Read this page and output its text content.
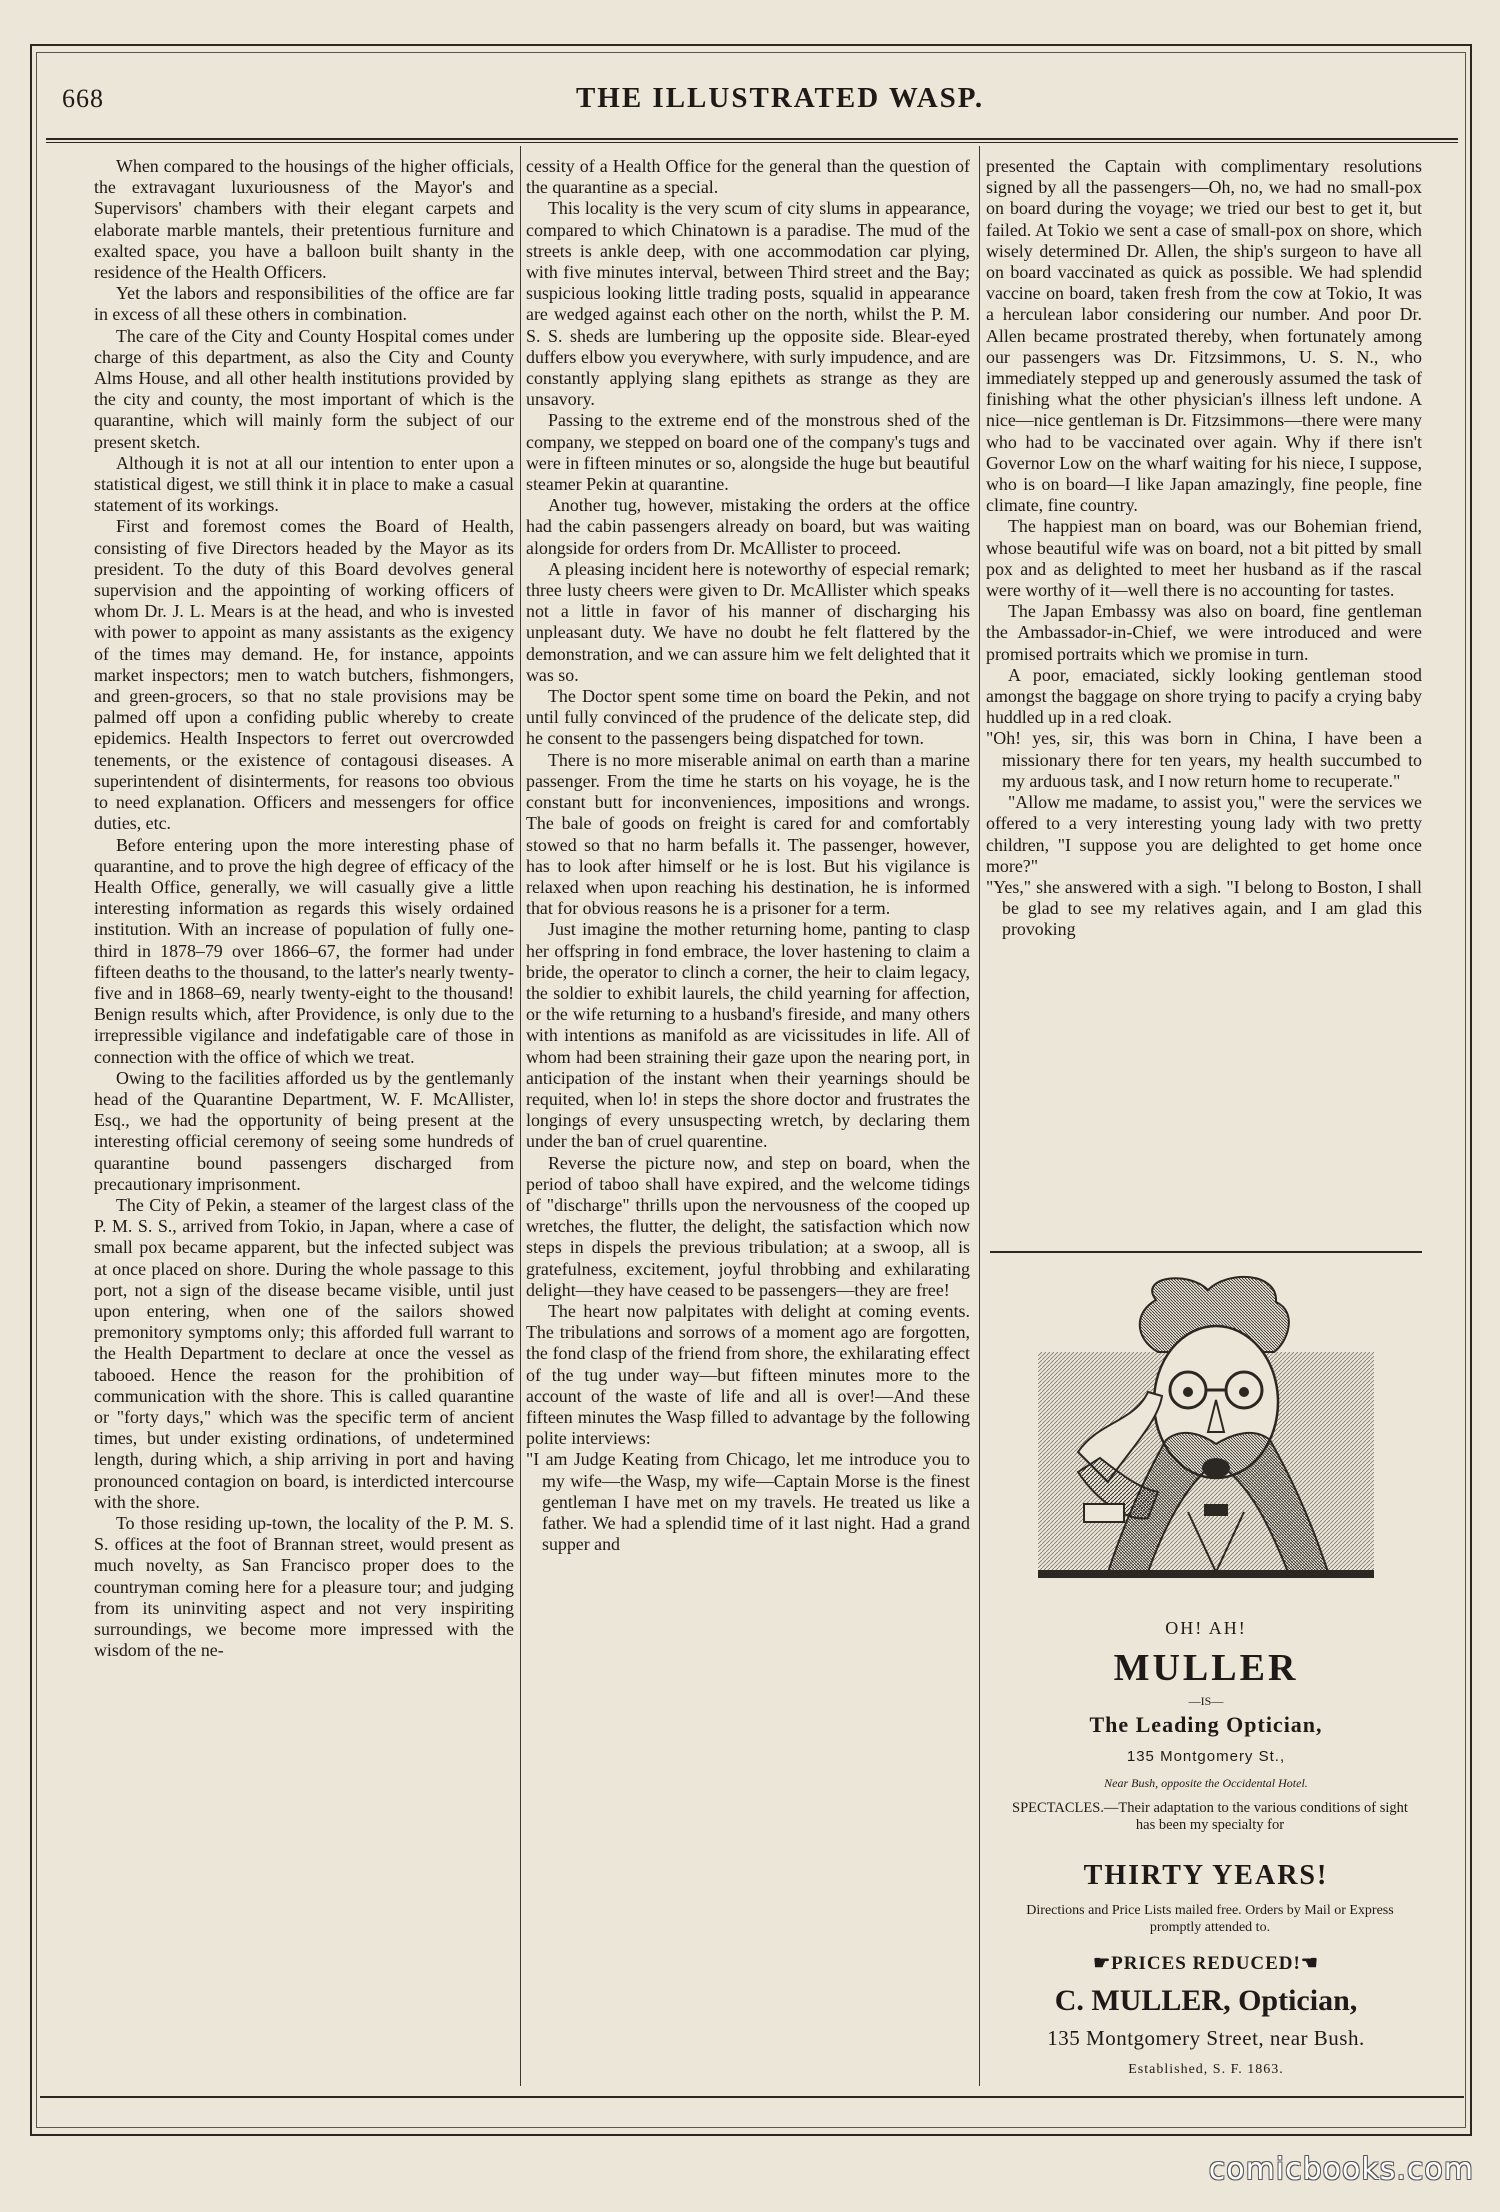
668	THE ILLUSTRATED WASP.

When compared to the housings of the higher officials, the extravagant luxuriousness of the Mayor's and Supervisors' chambers with their elegant carpets and elaborate marble mantels, their pretentious furniture and exalted space, you have a balloon built shanty in the residence of the Health Officers.

Yet the labors and responsibilities of the office are far in excess of all these others in combination.

The care of the City and County Hospital comes under charge of this department, as also the City and County Alms House, and all other health institutions provided by the city and county, the most important of which is the quarantine, which will mainly form the subject of our present sketch.

Although it is not at all our intention to enter upon a statistical digest, we still think it in place to make a casual statement of its workings.

First and foremost comes the Board of Health, consisting of five Directors headed by the Mayor as its president. To the duty of this Board devolves general supervision and the appointing of working officers of whom Dr. J. L. Mears is at the head, and who is invested with power to appoint as many assistants as the exigency of the times may demand. He, for instance, appoints market inspectors; men to watch butchers, fishmongers, and green-grocers, so that no stale provisions may be palmed off upon a confiding public whereby to create epidemics. Health Inspectors to ferret out overcrowded tenements, or the existence of contagousi diseases. A superintendent of disinterments, for reasons too obvious to need explanation. Officers and messengers for office duties, etc.

Before entering upon the more interesting phase of quarantine, and to prove the high degree of efficacy of the Health Office, generally, we will casually give a little interesting information as regards this wisely ordained institution. With an increase of population of fully one-third in 1878–79 over 1866–67, the former had under fifteen deaths to the thousand, to the latter's nearly twenty-five and in 1868–69, nearly twenty-eight to the thousand! Benign results which, after Providence, is only due to the irrepressible vigilance and indefatigable care of those in connection with the office of which we treat.

Owing to the facilities afforded us by the gentlemanly head of the Quarantine Department, W. F. McAllister, Esq., we had the opportunity of being present at the interesting official ceremony of seeing some hundreds of quarantine bound passengers discharged from precautionary imprisonment.

The City of Pekin, a steamer of the largest class of the P. M. S. S., arrived from Tokio, in Japan, where a case of small pox became apparent, but the infected subject was at once placed on shore. During the whole passage to this port, not a sign of the disease became visible, until just upon entering, when one of the sailors showed premonitory symptoms only; this afforded full warrant to the Health Department to declare at once the vessel as tabooed. Hence the reason for the prohibition of communication with the shore. This is called quarantine or "forty days," which was the specific term of ancient times, but under existing ordinations, of undetermined length, during which, a ship arriving in port and having pronounced contagion on board, is interdicted intercourse with the shore.

To those residing up-town, the locality of the P. M. S. S. offices at the foot of Brannan street, would present as much novelty, as San Francisco proper does to the countryman coming here for a pleasure tour; and judging from its uninviting aspect and not very inspiriting surroundings, we become more impressed with the wisdom of the ne-

cessity of a Health Office for the general than the question of the quarantine as a special.

This locality is the very scum of city slums in appearance, compared to which Chinatown is a paradise. The mud of the streets is ankle deep, with one accommodation car plying, with five minutes interval, between Third street and the Bay; suspicious looking little trading posts, squalid in appearance are wedged against each other on the north, whilst the P. M. S. S. sheds are lumbering up the opposite side. Blear-eyed duffers elbow you everywhere, with surly impudence, and are constantly applying slang epithets as strange as they are unsavory.

Passing to the extreme end of the monstrous shed of the company, we stepped on board one of the company's tugs and were in fifteen minutes or so, alongside the huge but beautiful steamer Pekin at quarantine.

Another tug, however, mistaking the orders at the office had the cabin passengers already on board, but was waiting alongside for orders from Dr. McAllister to proceed.

A pleasing incident here is noteworthy of especial remark; three lusty cheers were given to Dr. McAllister which speaks not a little in favor of his manner of discharging his unpleasant duty. We have no doubt he felt flattered by the demonstration, and we can assure him we felt delighted that it was so.

The Doctor spent some time on board the Pekin, and not until fully convinced of the prudence of the delicate step, did he consent to the passengers being dispatched for town.

There is no more miserable animal on earth than a marine passenger. From the time he starts on his voyage, he is the constant butt for inconveniences, impositions and wrongs. The bale of goods on freight is cared for and comfortably stowed so that no harm befalls it. The passenger, however, has to look after himself or he is lost. But his vigilance is relaxed when upon reaching his destination, he is informed that for obvious reasons he is a prisoner for a term.

Just imagine the mother returning home, panting to clasp her offspring in fond embrace, the lover hastening to claim a bride, the operator to clinch a corner, the heir to claim legacy, the soldier to exhibit laurels, the child yearning for affection, or the wife returning to a husband's fireside, and many others with intentions as manifold as are vicissitudes in life. All of whom had been straining their gaze upon the nearing port, in anticipation of the instant when their yearnings should be requited, when lo! in steps the shore doctor and frustrates the longings of every unsuspecting wretch, by declaring them under the ban of cruel quarentine.

Reverse the picture now, and step on board, when the period of taboo shall have expired, and the welcome tidings of "discharge" thrills upon the nervousness of the cooped up wretches, the flutter, the delight, the satisfaction which now steps in dispels the previous tribulation; at a swoop, all is gratefulness, excitement, joyful throbbing and exhilarating delight—they have ceased to be passengers—they are free!

The heart now palpitates with delight at coming events. The tribulations and sorrows of a moment ago are forgotten, the fond clasp of the friend from shore, the exhilarating effect of the tug under way—but fifteen minutes more to the account of the waste of life and all is over!—And these fifteen minutes the Wasp filled to advantage by the following polite interviews:

"I am Judge Keating from Chicago, let me introduce you to my wife—the Wasp, my wife—Captain Morse is the finest gentleman I have met on my travels. He treated us like a father. We had a splendid time of it last night. Had a grand supper and

presented the Captain with complimentary resolutions signed by all the passengers—Oh, no, we had no small-pox on board during the voyage; we tried our best to get it, but failed. At Tokio we sent a case of small-pox on shore, which wisely determined Dr. Allen, the ship's surgeon to have all on board vaccinated as quick as possible. We had splendid vaccine on board, taken fresh from the cow at Tokio, It was a herculean labor considering our number. And poor Dr. Allen became prostrated thereby, when fortunately among our passengers was Dr. Fitzsimmons, U. S. N., who immediately stepped up and generously assumed the task of finishing what the other physician's illness left undone. A nice—nice gentleman is Dr. Fitzsimmons—there were many who had to be vaccinated over again. Why if there isn't Governor Low on the wharf waiting for his niece, I suppose, who is on board—I like Japan amazingly, fine people, fine climate, fine country.

The happiest man on board, was our Bohemian friend, whose beautiful wife was on board, not a bit pitted by small pox and as delighted to meet her husband as if the rascal were worthy of it—well there is no accounting for tastes.

The Japan Embassy was also on board, fine gentleman the Ambassador-in-Chief, we were introduced and were promised portraits which we promise in turn.

A poor, emaciated, sickly looking gentleman stood amongst the baggage on shore trying to pacify a crying baby huddled up in a red cloak.

"Oh! yes, sir, this was born in China, I have been a missionary there for ten years, my health succumbed to my arduous task, and I now return home to recuperate."

"Allow me madame, to assist you," were the services we offered to a very interesting young lady with two pretty children, "I suppose you are delighted to get home once more?"

"Yes," she answered with a sigh. "I belong to Boston, I shall be glad to see my relatives again, and I am glad this provoking

OH! AH!
MULLER
—IS—
The Leading Optician,
135 Montgomery St.,
Near Bush, opposite the Occidental Hotel.
SPECTACLES.—Their adaptation to the various conditions of sight has been my specialty for
THIRTY YEARS!
Directions and Price Lists mailed free. Orders by Mail or Express promptly attended to.
☛PRICES REDUCED!☚
C. MULLER, Optician,
135 Montgomery Street, near Bush.
Established, S. F. 1863.
comicbooks.com
